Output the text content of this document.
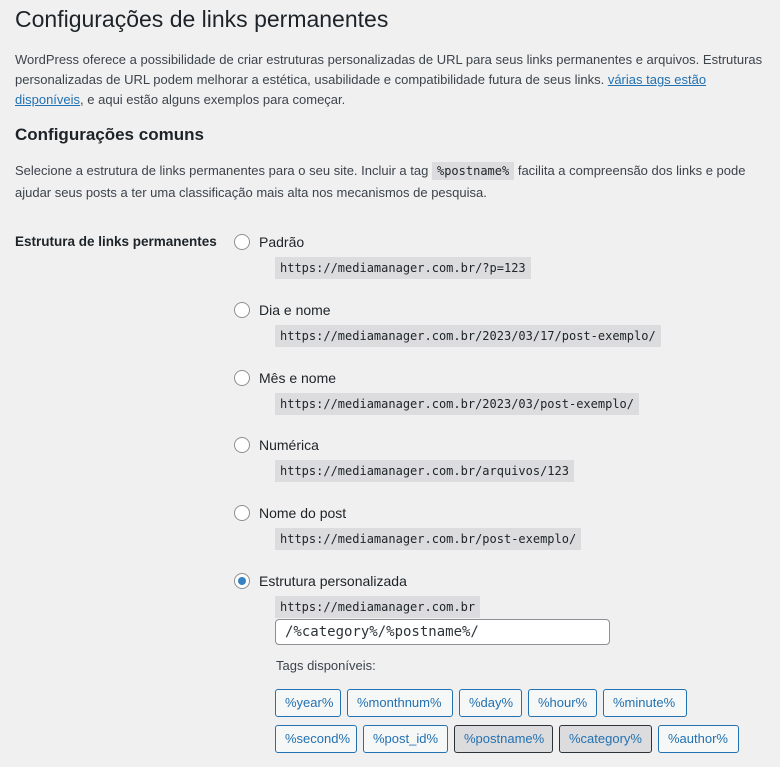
Configurações de links permanentes

WordPress oferece a possibilidade de criar estruturas personalizadas de URL para seus links permanentes e arquivos. Estruturas personalizadas de URL podem melhorar a estética, usabilidade e compatibilidade futura de seus links. várias tags estão disponíveis, e aqui estão alguns exemplos para começar.

Configurações comuns

Selecione a estrutura de links permanentes para o seu site. Incluir a tag %postname% facilita a compreensão dos links e pode ajudar seus posts a ter uma classificação mais alta nos mecanismos de pesquisa.

Estrutura de links permanentes	Padrão
https://mediamanager.com.br/?p=123
Dia e nome
https://mediamanager.com.br/2023/03/17/post-exemplo/
Mês e nome
https://mediamanager.com.br/2023/03/post-exemplo/
Numérica
https://mediamanager.com.br/arquivos/123
Nome do post
https://mediamanager.com.br/post-exemplo/
Estrutura personalizada
https://mediamanager.com.br
/%category%/%postname%/
Tags disponíveis:
%year%	%monthnum%	%day%	%hour%	%minute%
%second%	%post_id%	%postname%	%category%	%author%
